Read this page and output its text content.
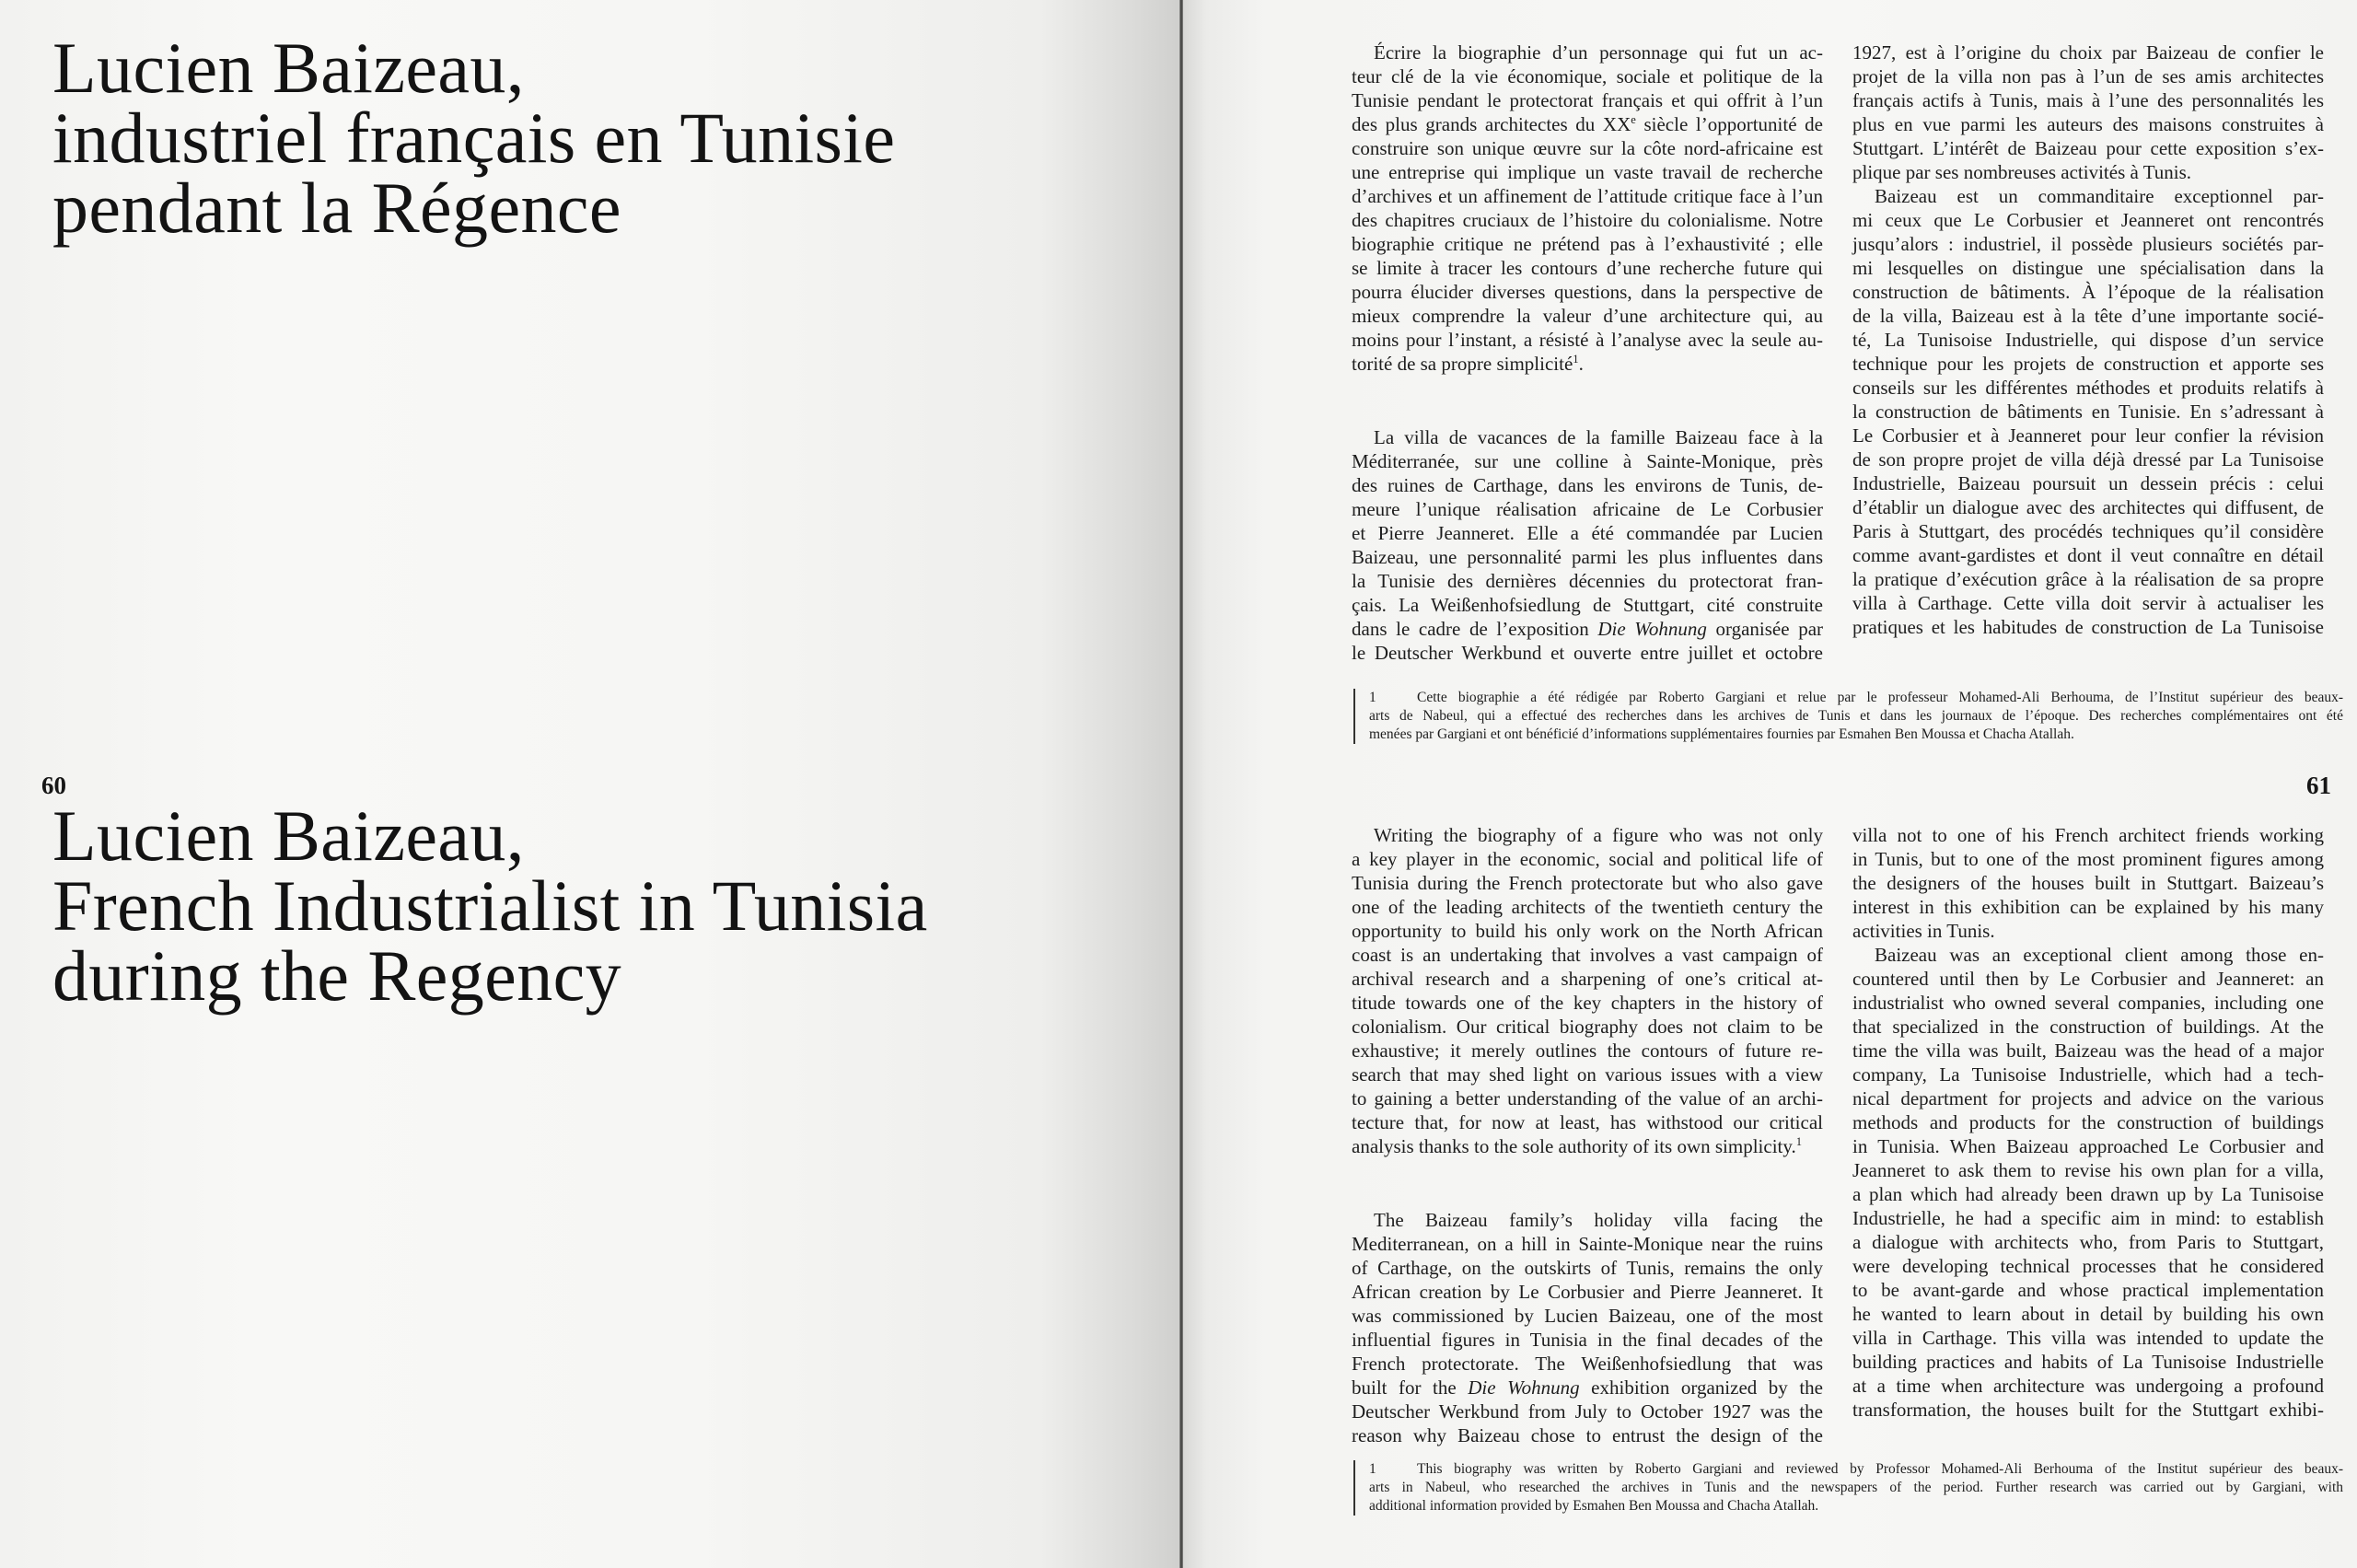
Lucien Baizeau,
industriel français en Tunisie
pendant la Régence
60
Lucien Baizeau,
French Industrialist in Tunisia
during the Regency
Écrire la biographie d’un personnage qui fut un ac-
teur clé de la vie économique, sociale et politique de la
Tunisie pendant le protectorat français et qui offrit à l’un
des plus grands architectes du XXe siècle l’opportunité de
construire son unique œuvre sur la côte nord-africaine est
une entreprise qui implique un vaste travail de recherche
d’archives et un affinement de l’attitude critique face à l’un
des chapitres cruciaux de l’histoire du colonialisme. Notre
biographie critique ne prétend pas à l’exhaustivité ; elle
se limite à tracer les contours d’une recherche future qui
pourra élucider diverses questions, dans la perspective de
mieux comprendre la valeur d’une architecture qui, au
moins pour l’instant, a résisté à l’analyse avec la seule au-
torité de sa propre simplicité$^1$.
La villa de vacances de la famille Baizeau face à la
Méditerranée, sur une colline à Sainte-Monique, près
des ruines de Carthage, dans les environs de Tunis, de-
meure l’unique réalisation africaine de Le Corbusier
et Pierre Jeanneret. Elle a été commandée par Lucien
Baizeau, une personnalité parmi les plus influentes dans
la Tunisie des dernières décennies du protectorat fran-
çais. La Weißenhofsiedlung de Stuttgart, cité construite
dans le cadre de l’exposition Die Wohnung organisée par
le Deutscher Werkbund et ouverte entre juillet et octobre
1927, est à l’origine du choix par Baizeau de confier le
projet de la villa non pas à l’un de ses amis architectes
français actifs à Tunis, mais à l’une des personnalités les
plus en vue parmi les auteurs des maisons construites à
Stuttgart. L’intérêt de Baizeau pour cette exposition s’ex-
plique par ses nombreuses activités à Tunis.
Baizeau est un commanditaire exceptionnel par-
mi ceux que Le Corbusier et Jeanneret ont rencontrés
jusqu’alors : industriel, il possède plusieurs sociétés par-
mi lesquelles on distingue une spécialisation dans la
construction de bâtiments. À l’époque de la réalisation
de la villa, Baizeau est à la tête d’une importante socié-
té, La Tunisoise Industrielle, qui dispose d’un service
technique pour les projets de construction et apporte ses
conseils sur les différentes méthodes et produits relatifs à
la construction de bâtiments en Tunisie. En s’adressant à
Le Corbusier et à Jeanneret pour leur confier la révision
de son propre projet de villa déjà dressé par La Tunisoise
Industrielle, Baizeau poursuit un dessein précis : celui
d’établir un dialogue avec des architectes qui diffusent, de
Paris à Stuttgart, des procédés techniques qu’il considère
comme avant-gardistes et dont il veut connaître en détail
la pratique d’exécution grâce à la réalisation de sa propre
villa à Carthage. Cette villa doit servir à actualiser les
pratiques et les habitudes de construction de La Tunisoise
1	Cette biographie a été rédigée par Roberto Gargiani et relue par le professeur Mohamed-Ali Berhouma, de l’Institut supérieur des beaux-
arts de Nabeul, qui a effectué des recherches dans les archives de Tunis et dans les journaux de l’époque. Des recherches complémentaires ont été
menées par Gargiani et ont bénéficié d’informations supplémentaires fournies par Esmahen Ben Moussa et Chacha Atallah.
61
Writing the biography of a figure who was not only
a key player in the economic, social and political life of
Tunisia during the French protectorate but who also gave
one of the leading architects of the twentieth century the
opportunity to build his only work on the North African
coast is an undertaking that involves a vast campaign of
archival research and a sharpening of one’s critical at-
titude towards one of the key chapters in the history of
colonialism. Our critical biography does not claim to be
exhaustive; it merely outlines the contours of future re-
search that may shed light on various issues with a view
to gaining a better understanding of the value of an archi-
tecture that, for now at least, has withstood our critical
analysis thanks to the sole authority of its own simplicity.$^1$
The Baizeau family’s holiday villa facing the
Mediterranean, on a hill in Sainte-Monique near the ruins
of Carthage, on the outskirts of Tunis, remains the only
African creation by Le Corbusier and Pierre Jeanneret. It
was commissioned by Lucien Baizeau, one of the most
influential figures in Tunisia in the final decades of the
French protectorate. The Weißenhofsiedlung that was
built for the Die Wohnung exhibition organized by the
Deutscher Werkbund from July to October 1927 was the
reason why Baizeau chose to entrust the design of the
villa not to one of his French architect friends working
in Tunis, but to one of the most prominent figures among
the designers of the houses built in Stuttgart. Baizeau’s
interest in this exhibition can be explained by his many
activities in Tunis.
Baizeau was an exceptional client among those en-
countered until then by Le Corbusier and Jeanneret: an
industrialist who owned several companies, including one
that specialized in the construction of buildings. At the
time the villa was built, Baizeau was the head of a major
company, La Tunisoise Industrielle, which had a tech-
nical department for projects and advice on the various
methods and products for the construction of buildings
in Tunisia. When Baizeau approached Le Corbusier and
Jeanneret to ask them to revise his own plan for a villa,
a plan which had already been drawn up by La Tunisoise
Industrielle, he had a specific aim in mind: to establish
a dialogue with architects who, from Paris to Stuttgart,
were developing technical processes that he considered
to be avant-garde and whose practical implementation
he wanted to learn about in detail by building his own
villa in Carthage. This villa was intended to update the
building practices and habits of La Tunisoise Industrielle
at a time when architecture was undergoing a profound
transformation, the houses built for the Stuttgart exhibi-
1	This biography was written by Roberto Gargiani and reviewed by Professor Mohamed-Ali Berhouma of the Institut supérieur des beaux-
arts in Nabeul, who researched the archives in Tunis and the newspapers of the period. Further research was carried out by Gargiani, with
additional information provided by Esmahen Ben Moussa and Chacha Atallah.
